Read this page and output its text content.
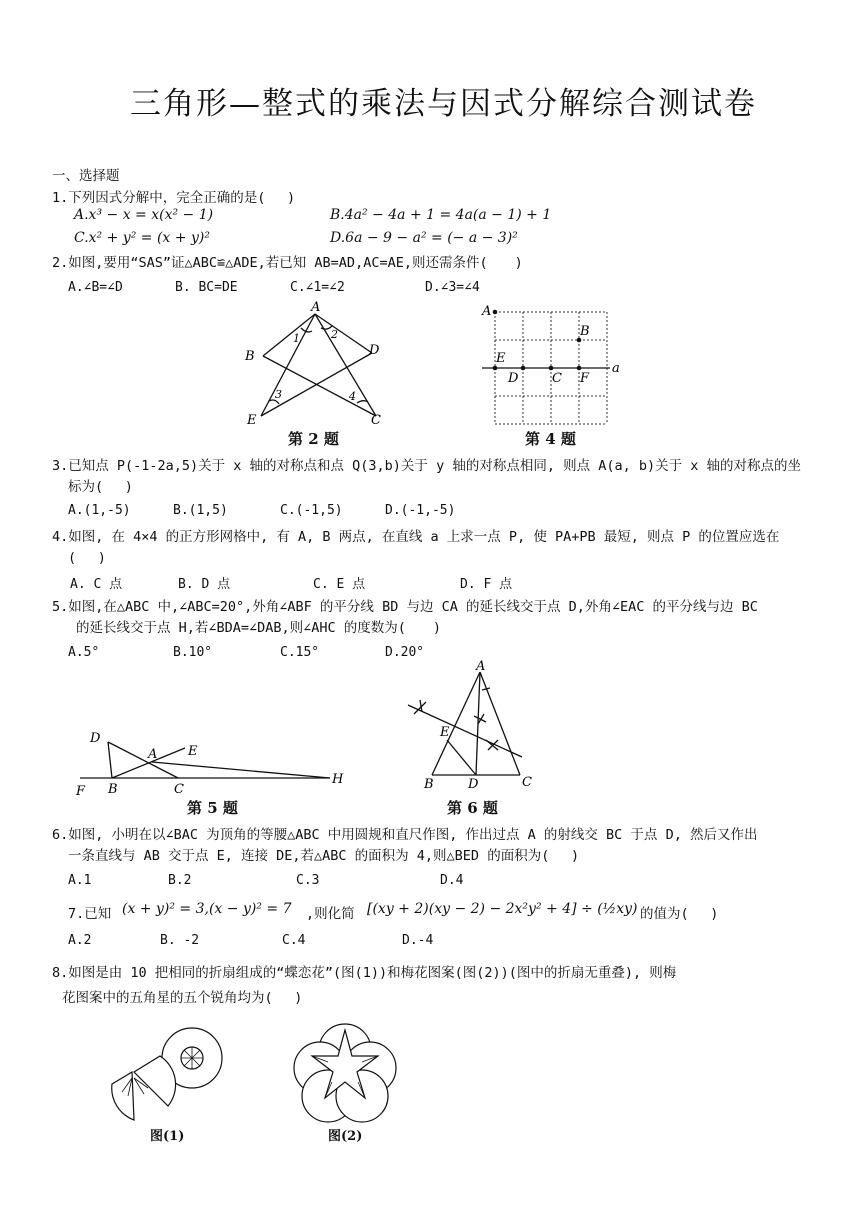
三角形—整式的乘法与因式分解综合测试卷
一、选择题
1.下列因式分解中，完全正确的是(　 )
A.x³ − x = x(x² − 1)	B.4a² − 4a + 1 = 4a(a − 1) + 1
C.x² + y² = (x + y)²	D.6a − 9 − a² = (− a − 3)²
2.如图,要用“SAS”证△ABC≌△ADE,若已知 AB=AD,AC=AE,则还需条件(　　)
A.∠B=∠D	B. BC=DE	C.∠1=∠2	D.∠3=∠4
A
B	D
E	C
1	2
3	4
第 2 题
A
B
E
D	C F
a
第 4 题
3.已知点 P(-1-2a,5)关于 x 轴的对称点和点 Q(3,b)关于 y 轴的对称点相同, 则点 A(a, b)关于 x 轴的对称点的坐
标为(　 )
A.(1,-5)	B.(1,5)	C.(-1,5)	D.(-1,-5)
4.如图, 在 4×4 的正方形网格中, 有 A, B 两点, 在直线 a 上求一点 P, 使 PA+PB 最短, 则点 P 的位置应选在
(　 )
A. C 点	B. D 点	C. E 点	D. F 点
5.如图,在△ABC 中,∠ABC=20°,外角∠ABF 的平分线 BD 与边 CA 的延长线交于点 D,外角∠EAC 的平分线与边 BC
的延长线交于点 H,若∠BDA=∠DAB,则∠AHC 的度数为(　　)
A.5°	B.10°	C.15°	D.20°
D
A E
F B	C
H
第 5 题
A
E
B	D	C
第 6 题
6.如图, 小明在以∠BAC 为顶角的等腰△ABC 中用圆规和直尺作图, 作出过点 A 的射线交 BC 于点 D, 然后又作出
一条直线与 AB 交于点 E, 连接 DE,若△ABC 的面积为 4,则△BED 的面积为(　 )
A.1	B.2	C.3	D.4
7.已知 (x + y)² = 3,(x − y)² = 7 ,则化简 [(xy + 2)(xy − 2) − 2x²y² + 4] ÷ (½xy) 的值为(　 )
A.2	B. -2	C.4	D.-4
8.如图是由 10 把相同的折扇组成的“蝶恋花”(图(1))和梅花图案(图(2))(图中的折扇无重叠), 则梅
花图案中的五角星的五个锐角均为(　 )
图(1)	图(2)
